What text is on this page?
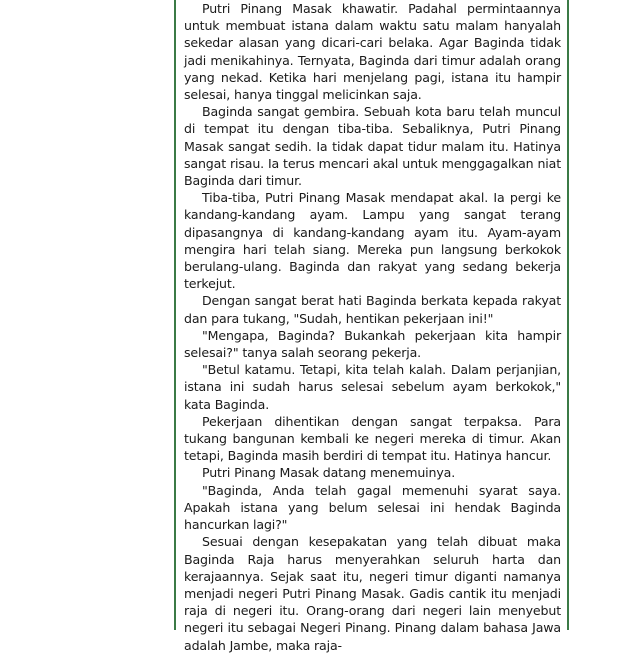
Putri Pinang Masak khawatir. Padahal permintaannya untuk membuat istana dalam waktu satu malam hanyalah sekedar alasan yang dicari-cari belaka. Agar Baginda tidak jadi menikahinya. Ternyata, Baginda dari timur adalah orang yang nekad. Ketika hari menjelang pagi, istana itu hampir selesai, hanya tinggal melicinkan saja.

Baginda sangat gembira. Sebuah kota baru telah muncul di tempat itu dengan tiba-tiba. Sebaliknya, Putri Pinang Masak sangat sedih. Ia tidak dapat tidur malam itu. Hatinya sangat risau. Ia terus mencari akal untuk menggagalkan niat Baginda dari timur.

Tiba-tiba, Putri Pinang Masak mendapat akal. Ia pergi ke kandang-kandang ayam. Lampu yang sangat terang dipasangnya di kandang-kandang ayam itu. Ayam-ayam mengira hari telah siang. Mereka pun langsung berkokok berulang-ulang. Baginda dan rakyat yang sedang bekerja terkejut.

Dengan sangat berat hati Baginda berkata kepada rakyat dan para tukang, "Sudah, hentikan pekerjaan ini!"

"Mengapa, Baginda? Bukankah pekerjaan kita hampir selesai?" tanya salah seorang pekerja.

"Betul katamu. Tetapi, kita telah kalah. Dalam perjanjian, istana ini sudah harus selesai sebelum ayam berkokok," kata Baginda.

Pekerjaan dihentikan dengan sangat terpaksa. Para tukang bangunan kembali ke negeri mereka di timur. Akan tetapi, Baginda masih berdiri di tempat itu. Hatinya hancur.

Putri Pinang Masak datang menemuinya.

"Baginda, Anda telah gagal memenuhi syarat saya. Apakah istana yang belum selesai ini hendak Baginda hancurkan lagi?"

Sesuai dengan kesepakatan yang telah dibuat maka Baginda Raja harus menyerahkan seluruh harta dan kerajaannya. Sejak saat itu, negeri timur diganti namanya menjadi negeri Putri Pinang Masak. Gadis cantik itu menjadi raja di negeri itu. Orang-orang dari negeri lain menyebut negeri itu sebagai Negeri Pinang. Pinang dalam bahasa Jawa adalah Jambe, maka raja-
